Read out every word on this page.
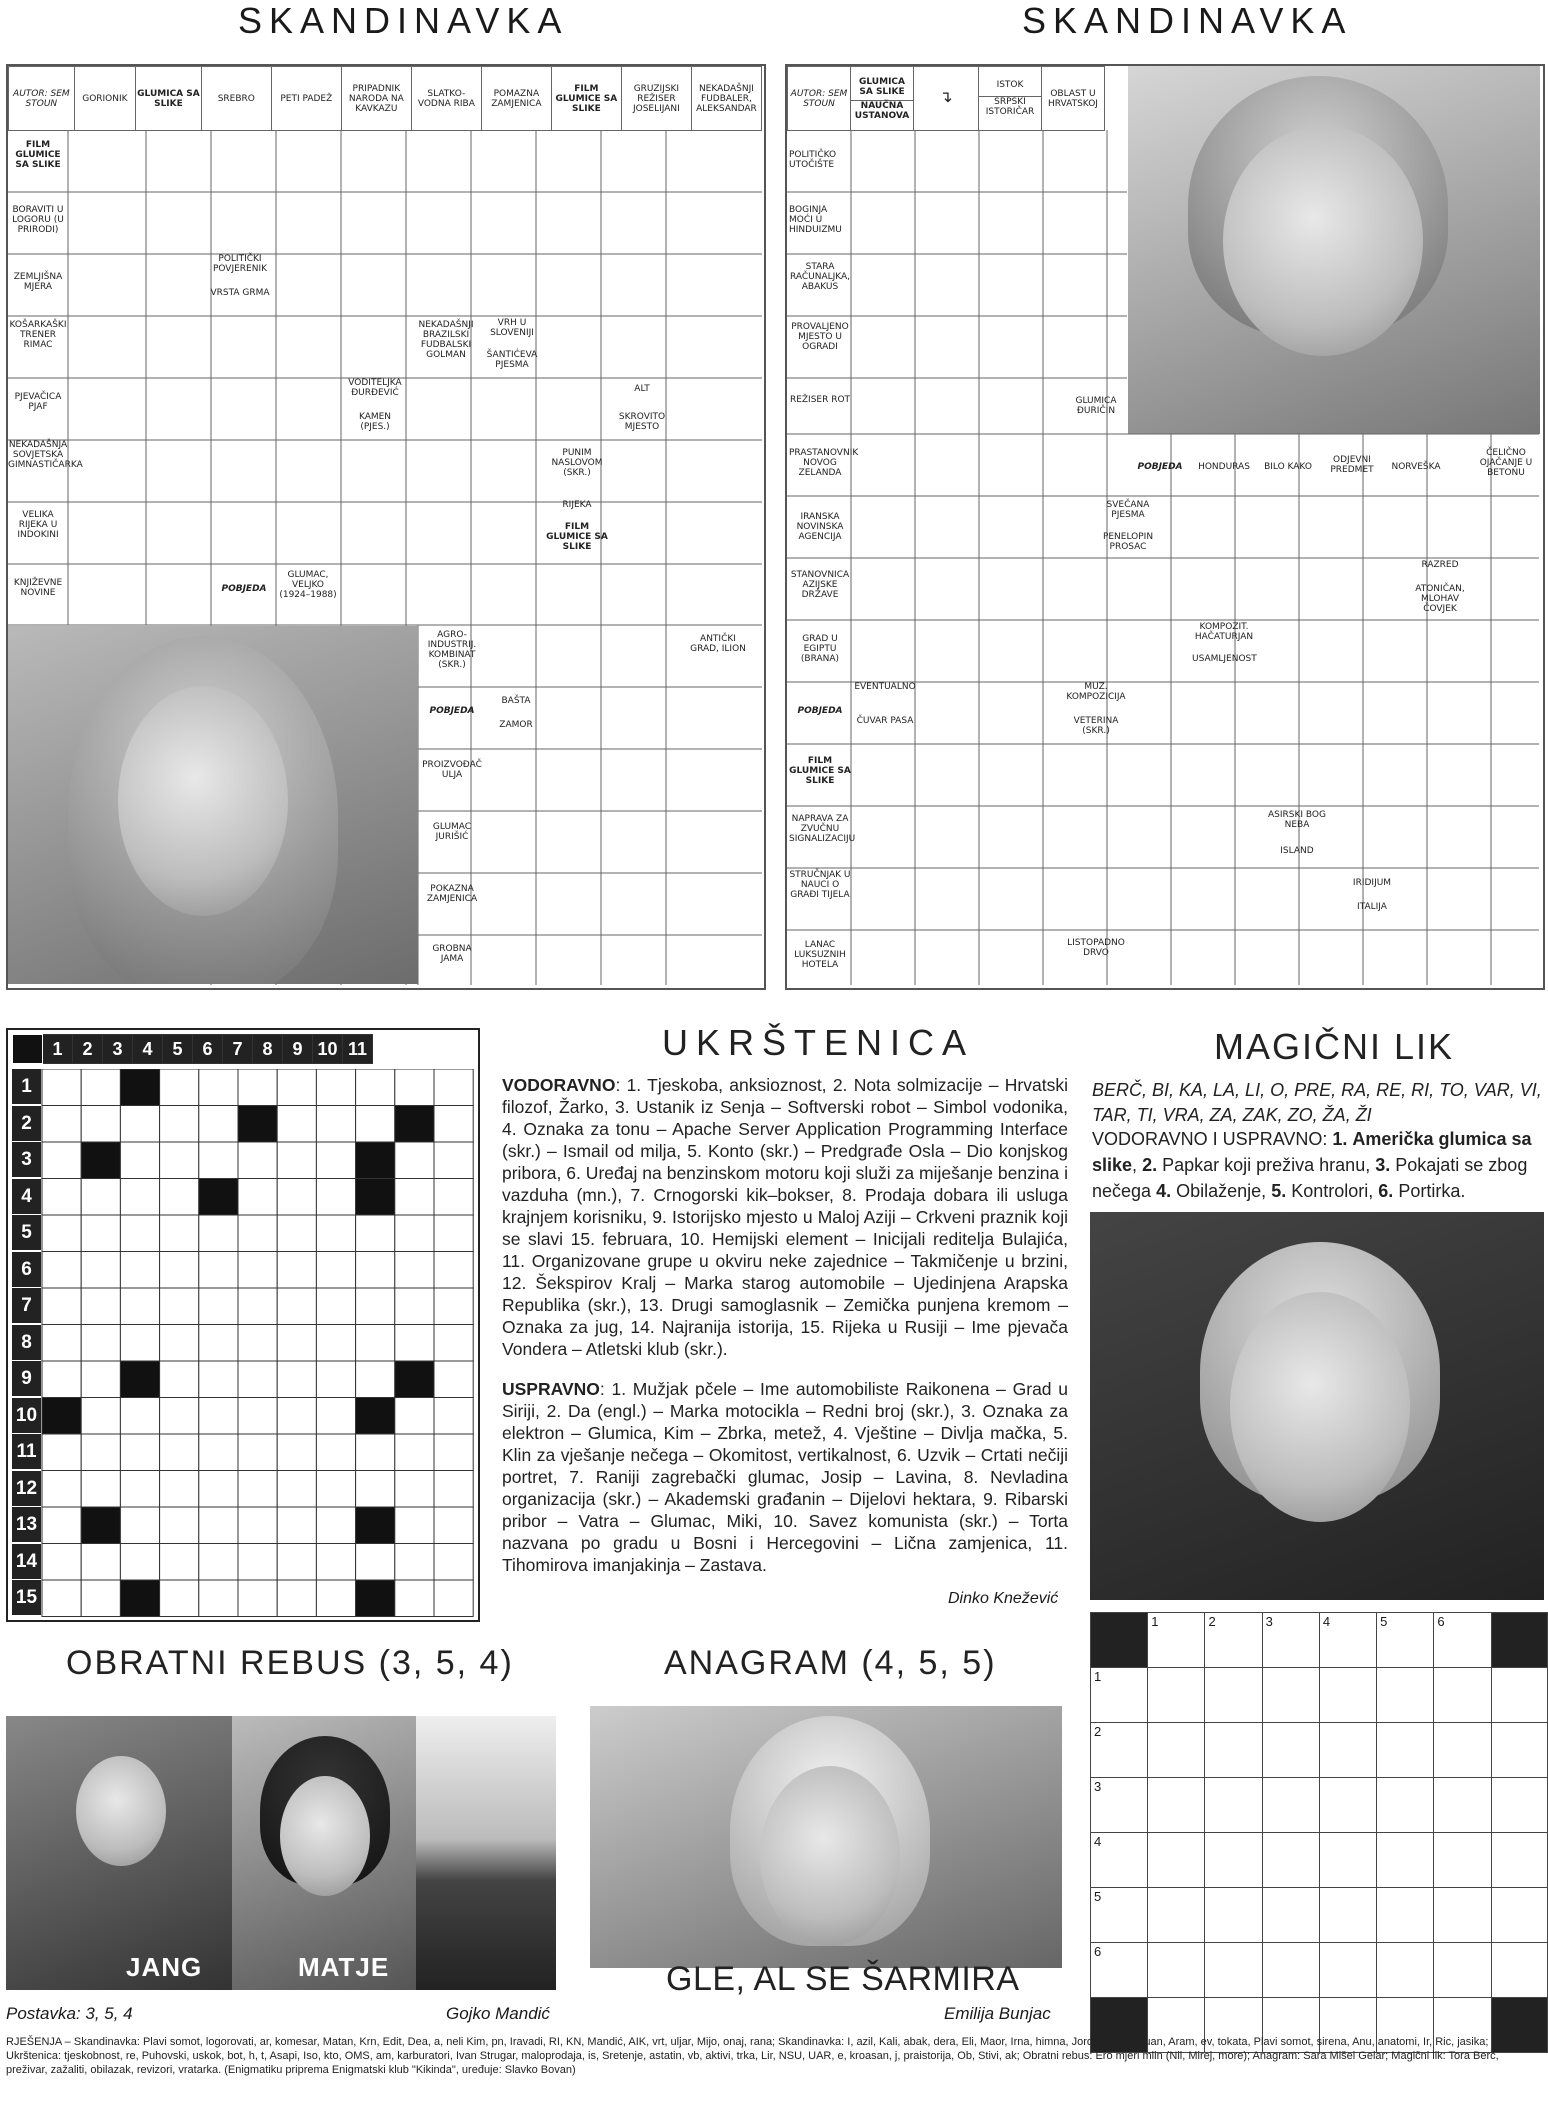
SKANDINAVKA	SKANDINAVKA
AUTOR: SEM STOUN	GORIONIK	GLUMICA SA SLIKE	SREBRO	PETI PADEŽ	PRIPADNIK NARODA NA KAVKAZU	SLATKO-VODNA RIBA	POMAZNA ZAMJENICA	FILM GLUMICE SA SLIKE	GRUZIJSKI REŽISER JOSELIJANI	NEKADAŠNJI FUDBALER, ALEKSANDAR
FILM GLUMICE SA SLIKE
BORAVITI U LOGORU (U PRIRODI)
ZEMLJIŠNA MJERA
POLITIČKI POVJERENIK
VRSTA GRMA
KOŠARKAŠKI TRENER RIMAC
NEKADAŠNJI BRAZILSKI FUDBALSKI GOLMAN
VRH U SLOVENIJI
ŠANTIĆEVA PJESMA
PJEVAČICA PJAF
VODITELJKA ĐURĐEVIĆ
KAMEN (PJES.)
ALT
SKROVITO MJESTO
NEKADAŠNJA SOVJETSKA GIMNASTIČARKA
PUNIM NASLOVOM (SKR.)
VELIKA RIJEKA U INDOKINI
RIJEKA
FILM GLUMICE SA SLIKE
KNJIŽEVNE NOVINE	POBJEDA
GLUMAC, VELJKO (1924–1988)
AGRO-INDUSTRIJ. KOMBINAT (SKR.)
ANTIČKI GRAD, ILION
POBJEDA
BAŠTA
ZAMOR
PROIZVOĐAČ ULJA
GLUMAC JURIŠIĆ
POKAZNA ZAMJENICA
GROBNA JAMA
AUTOR: SEM STOUN	
GLUMICA SA SLIKE
NAUČNA USTANOVA
	↴	
ISTOK
SRPSKI ISTORIČAR
	OBLAST U HRVATSKOJ
POLITIČKO UTOČIŠTE
BOGINJA MOĆI U HINDUIZMU
STARA RAČUNALJKA, ABAKUS
PROVALJENO MJESTO U OGRADI
REŽISER ROT
PRASTANOVNIK NOVOG ZELANDA
IRANSKA NOVINSKA AGENCIJA
STANOVNICA AZIJSKE DRŽAVE
GRAD U EGIPTU (BRANA)
POBJEDA
FILM GLUMICE SA SLIKE
NAPRAVA ZA ZVUČNU SIGNALIZACIJU
STRUČNJAK U NAUCI O GRAĐI TIJELA
LANAC LUKSUZNIH HOTELA
GLUMICA ĐURIČIN
POBJEDA	HONDURAS	BILO KAKO
ODJEVNI PREDMET	NORVEŠKA
ČELIČNO OJAČANJE U BETONU
SVEČANA PJESMA
PENELOPIN PROSAC
RAZRED
ATONIČAN, MLOHAV ČOVJEK
KOMPOZIT. HAČATURJAN
USAMLJENOST
EVENTUALNO
ČUVAR PASA
MUZ. KOMPOZICIJA
VETERINA (SKR.)
ASIRSKI BOG NEBA
ISLAND
IRIDIJUM
ITALIJA
LISTOPADNO DRVO
	1	2	3	4	5	6	7	8	9	10	11
1
2
3
4
5
6
7
8
9
10
11
12
13
14
15
UKRŠTENICA
VODORAVNO: 1. Tjeskoba, anksioznost, 2. Nota solmizacije – Hrvatski filozof, Žarko, 3. Ustanik iz Senja – Softverski robot – Simbol vodonika, 4. Oznaka za tonu – Apache Server Application Programming Interface (skr.) – Ismail od milja, 5. Konto (skr.) – Predgrađe Osla – Dio konjskog pribora, 6. Uređaj na benzinskom motoru koji služi za miješanje benzina i vazduha (mn.), 7. Crnogorski kik–bokser, 8. Prodaja dobara ili usluga krajnjem korisniku, 9. Istorijsko mjesto u Maloj Aziji – Crkveni praznik koji se slavi 15. februara, 10. Hemijski element – Inicijali reditelja Bulajića, 11. Organizovane grupe u okviru neke zajednice – Takmičenje u brzini, 12. Šekspirov Kralj – Marka starog automobile – Ujedinjena Arapska Republika (skr.), 13. Drugi samoglasnik – Zemička punjena kremom – Oznaka za jug, 14. Najranija istorija, 15. Rijeka u Rusiji – Ime pjevača Vondera – Atletski klub (skr.).
USPRAVNO: 1. Mužjak pčele – Ime automobiliste Raikonena – Grad u Siriji, 2. Da (engl.) – Marka motocikla – Redni broj (skr.), 3. Oznaka za elektron – Glumica, Kim – Zbrka, metež, 4. Vještine – Divlja mačka, 5. Klin za vješanje nečega – Okomitost, vertikalnost, 6. Uzvik – Crtati nečiji portret, 7. Raniji zagrebački glumac, Josip – Lavina, 8. Nevladina organizacija (skr.) – Akademski građanin – Dijelovi hektara, 9. Ribarski pribor – Vatra – Glumac, Miki, 10. Savez komunista (skr.) – Torta nazvana po gradu u Bosni i Hercegovini – Lična zamjenica, 11. Tihomirova imanjakinja – Zastava.
Dinko Knežević
MAGIČNI LIK
BERČ, BI, KA, LA, LI, O, PRE, RA, RE, RI, TO, VAR, VI, TAR, TI, VRA, ZA, ZAK, ZO, ŽA, ŽI
VODORAVNO I USPRAVNO: 1. Američka glumica sa slike, 2. Papkar koji preživa hranu, 3. Pokajati se zbog nečega 4. Obilaženje, 5. Kontrolori, 6. Portirka.
	1	2	3	4	5	6	
1							
2							
3							
4							
5							
6							

OBRATNI REBUS (3, 5, 4)
JANG	MATJE
Postavka: 3, 5, 4	Gojko Mandić
ANAGRAM (4, 5, 5)
GLE, AL SE ŠARMIRA
Emilija Bunjac
RJEŠENJA – Skandinavka: Plavi somot, logorovati, ar, komesar, Matan, Krn, Edit, Dea, a, neli Kim, pn, Iravadi, RI, KN, Mandić, AIK, vrt, uljar, Mijo, onaj, rana; Skandinavka: I, azil, Kali, abak, dera, Eli, Maor, Irna, himna, Jordanka, r, Asuan, Aram, ev, tokata, Plavi somot, sirena, Anu, anatomi, Ir, Ric, jasika; Ukrštenica: tjeskobnost, re, Puhovski, uskok, bot, h, t, Asapi, Iso, kto, OMS, am, karburatori, Ivan Strugar, maloprodaja, is, Sretenje, astatin, vb, aktivi, trka, Lir, NSU, UAR, e, kroasan, j, praistorija, Ob, Stivi, ak; Obratni rebus: Ero mjeri mlin (Nil, Mirej, more); Anagram: Sara Mišel Gelar; Magični lik: Tora Berč, preživar, zažaliti, obilazak, revizori, vratarka. (Enigmatiku priprema Enigmatski klub "Kikinda", uređuje: Slavko Bovan)
